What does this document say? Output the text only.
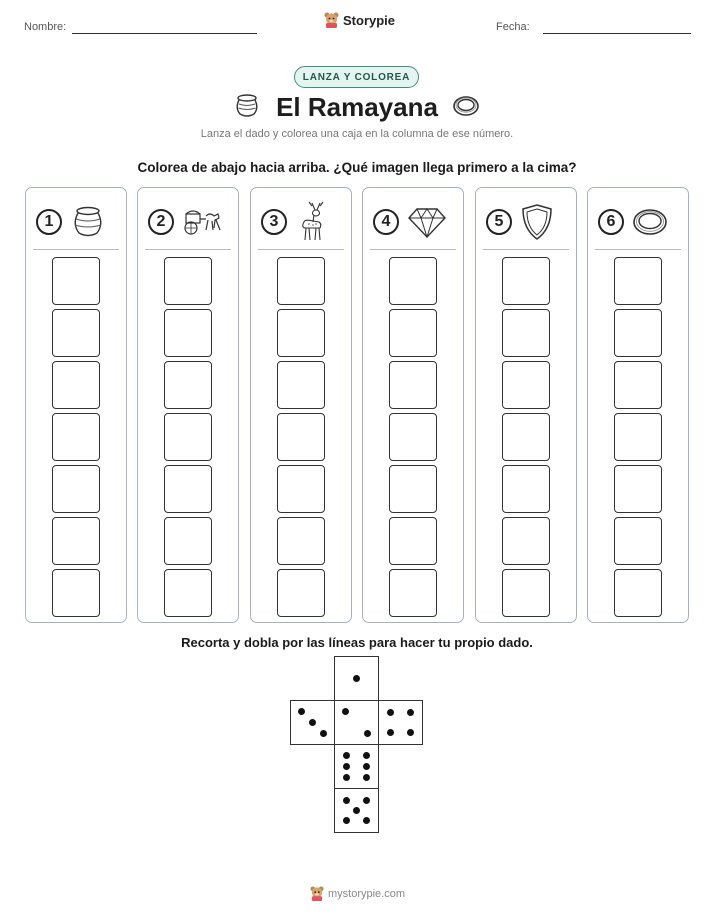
Nombre:	Storypie	Fecha:
LANZA Y COLOREA
El Ramayana
Lanza el dado y colorea una caja en la columna de ese número.
Colorea de abajo hacia arriba. ¿Qué imagen llega primero a la cima?
1	2	3	4	5	6
Recorta y dobla por las líneas para hacer tu propio dado.
mystorypie.com
